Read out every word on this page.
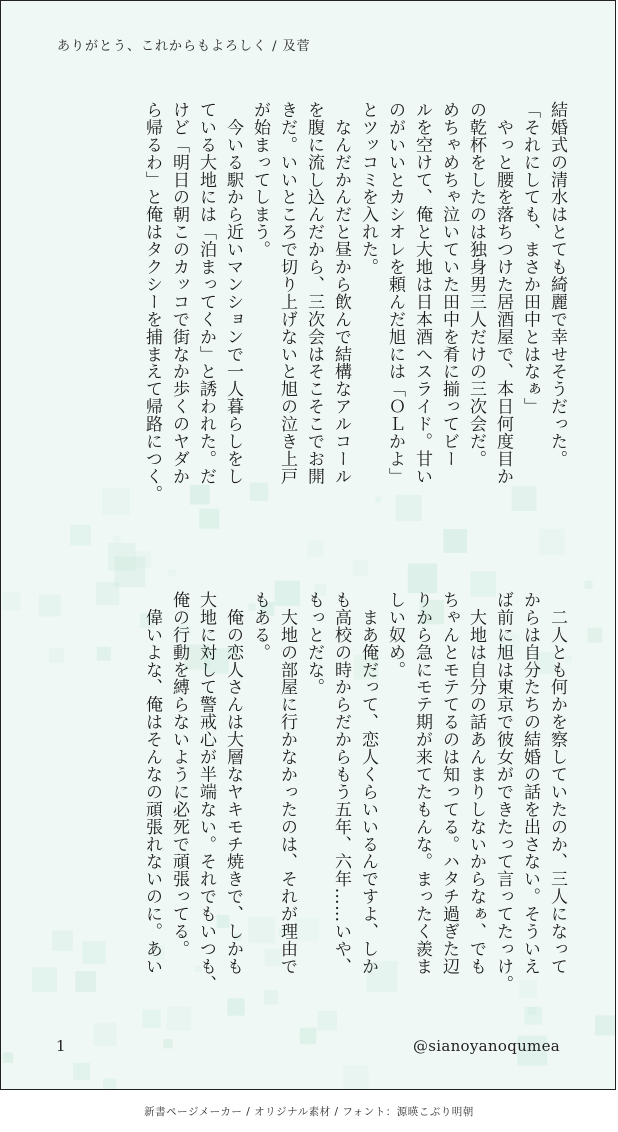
ありがとう、これからもよろしく / 及菅

結婚式の清水はとても綺麗で幸せそうだった。

「それにしても、まさか田中とはなぁ」

　やっと腰を落ちつけた居酒屋で、本日何度目か

の乾杯をしたのは独身男三人だけの三次会だ。

めちゃめちゃ泣いていた田中を肴に揃ってビー

ルを空けて、俺と大地は日本酒へスライド。甘い

のがいいとカシオレを頼んだ旭には「ＯＬかよ」

とツッコミを入れた。

　なんだかんだと昼から飲んで結構なアルコール

を腹に流し込んだから、三次会はそこそこでお開

きだ。いいところで切り上げないと旭の泣き上戸

が始まってしまう。

　今いる駅から近いマンションで一人暮らしをし

ている大地には「泊まってくか」と誘われた。だ

けど「明日の朝このカッコで街なか歩くのヤダか

ら帰るわ」と俺はタクシーを捕まえて帰路につく。

　二人とも何かを察していたのか、三人になって

からは自分たちの結婚の話を出さない。そういえ

ば前に旭は東京で彼女ができたって言ってたっけ。

　大地は自分の話あんまりしないからなぁ、でも

ちゃんとモテてるのは知ってる。ハタチ過ぎた辺

りから急にモテ期が来てたもんな。まったく羨ま

しい奴め。

　まあ俺だって、恋人くらいいるんですよ、しか

も高校の時からだからもう五年、六年……いや、

もっとだな。

　大地の部屋に行かなかったのは、それが理由で

もある。

　俺の恋人さんは大層なヤキモチ焼きで、しかも

大地に対して警戒心が半端ない。それでもいつも、

俺の行動を縛らないように必死で頑張ってる。

　偉いよな、俺はそんなの頑張れないのに。あい

1	@sianoyanoqumea
新書ページメーカー / オリジナル素材 / フォント：源暎こぶり明朝
